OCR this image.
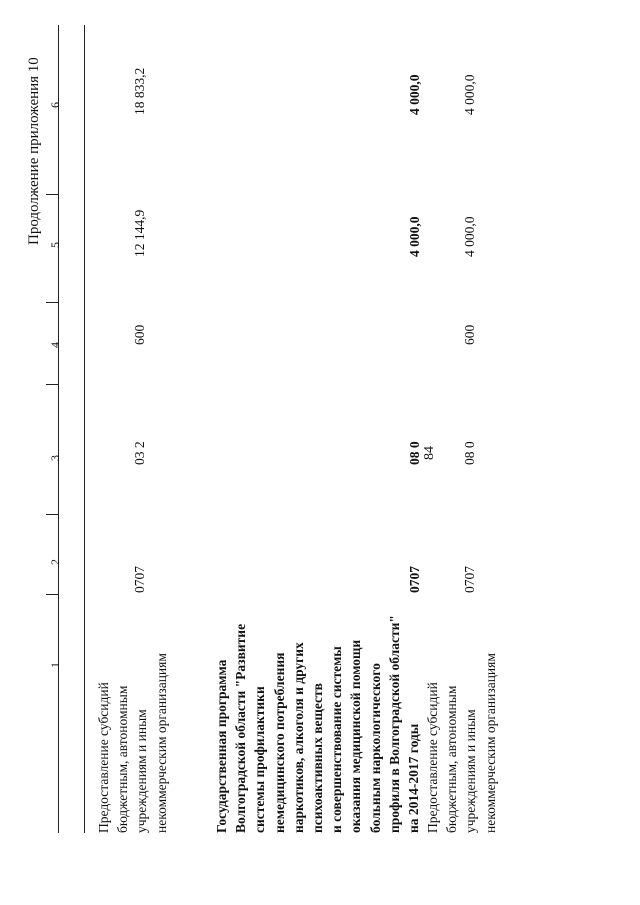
84
Продолжение приложения 10
1
2
3
4
5
6
Предоставление субсидий бюджетным, автономным учреждениям и иным некоммерческим организациям
0707
03 2
600
12 144,9
18 833,2
Государственная программа Волгоградской области "Развитие системы профилактики немедицинского потребления наркотиков, алкоголя и других психоактивных веществ и совершенствование системы оказания медицинской помощи больным наркологического профиля в Волгоградской области" на 2014-2017 годы
0707
08 0
4 000,0
4 000,0
Предоставление субсидий бюджетным, автономным учреждениям и иным некоммерческим организациям
0707
08 0
600
4 000,0
4 000,0
